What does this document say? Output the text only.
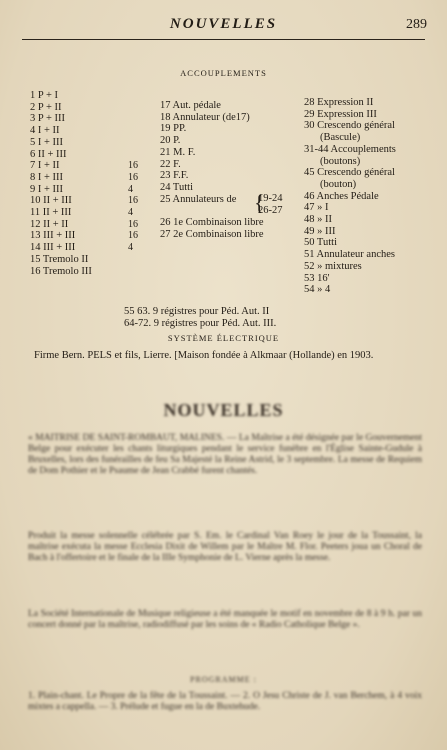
NOUVELLES	289
ACCOUPLEMENTS
1 P + I
2 P + II
3 P + III
4 I + II
5 I + III
6 II + III
7 I + II
8 I + III
9 I + III
10 II + III
11 II + III
12 II + II
13 III + III
14 III + III
15 Tremolo II
16 Tremolo III
16
16
4
16
4
16
16
4
17 Aut. pédale
18 Annulateur (de17)
19 PP.
20 P.
21 M. F.
22 F.
23 F.F.
24 Tutti
25 Annulateurs de
26 1e Combinaison libre
27 2e Combinaison libre
28 Expression II
29 Expression III
30 Crescendo général
(Bascule)
31-44 Accouplements
(boutons)
45 Crescendo général
(bouton)
46 Anches Pédale
47 » I
48 » II
49 » III
50 Tutti
51 Annulateur anches
52 » mixtures
53 16'
54 » 4
{
19-24
26-27
55 63. 9 régistres pour Péd. Aut. II
64-72. 9 régistres pour Péd. Aut. III.
SYSTÈME ÉLECTRIQUE
Firme Bern. PELS et fils, Lierre. [Maison fondée à Alkmaar (Hollande) en 1903.
NOUVELLES
« MAITRISE DE SAINT-ROMBAUT, MALINES. — La Maîtrise a été désignée par le Gouvernement Belge pour exécuter les chants liturgiques pendant le service funèbre en l'Église Sainte-Gudule à Bruxelles, lors des funérailles de feu Sa Majesté la Reine Astrid, le 3 septembre. La messe de Requiem de Dom Pothier et le Psaume de Jean Crabbé furent chantés.
Produit la messe solennelle célébrée par S. Em. le Cardinal Van Roey le jour de la Toussaint, la maîtrise exécuta la messe Ecclesia Dixit de Willem par le Maître M. Flor. Peeters joua un Choral de Bach à l'offertoire et le finale de la IIIe Symphonie de L. Vierne après la messe.
La Société Internationale de Musique religieuse a été manquée le motif en novembre de 8 à 9 h. par un concert donné par la maîtrise, radiodiffusé par les soins de « Radio Catholique Belge ».
PROGRAMME :
1. Plain-chant. Le Propre de la fête de la Toussaint. — 2. O Jesu Christe de J. van Berchem, à 4 voix mixtes a cappella. — 3. Prélude et fugue en la de Buxtehude.
